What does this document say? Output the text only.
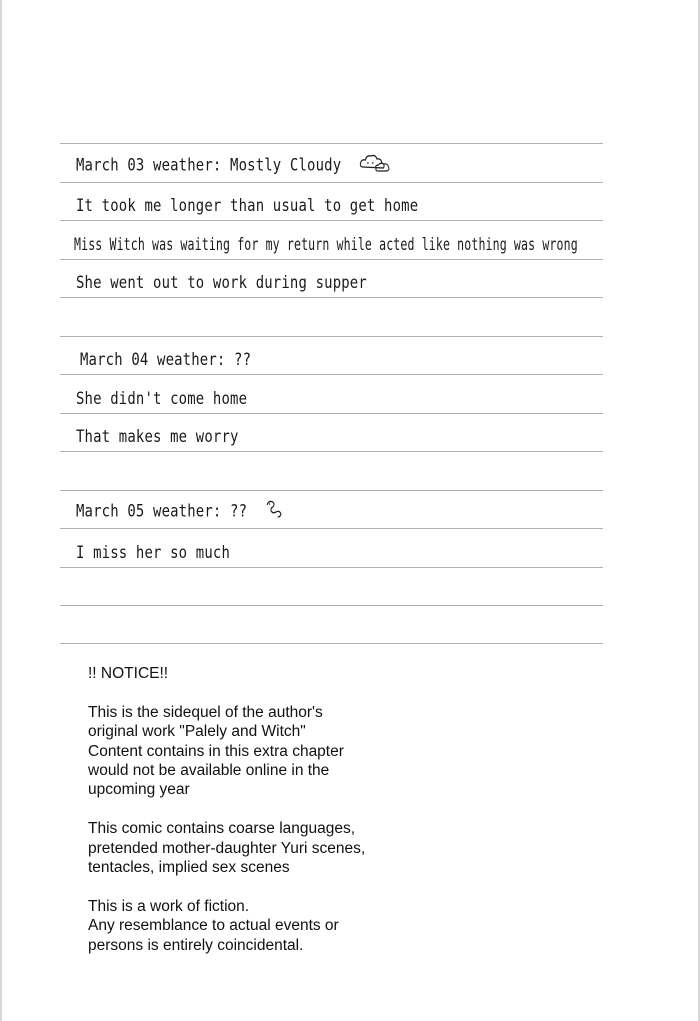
March 03 weather: Mostly Cloudy
It took me longer than usual to get home
Miss Witch was waiting for my return while acted like nothing was wrong
She went out to work during supper
March 04 weather: ??
She didn't come home
That makes me worry
March 05 weather: ??
I miss her so much

!! NOTICE!!

This is the sidequel of the author's
original work "Palely and Witch"
Content contains in this extra chapter
would not be available online in the
upcoming year

This comic contains coarse languages,
pretended mother-daughter Yuri scenes,
tentacles, implied sex scenes

This is a work of fiction.
Any resemblance to actual events or
persons is entirely coincidental.
